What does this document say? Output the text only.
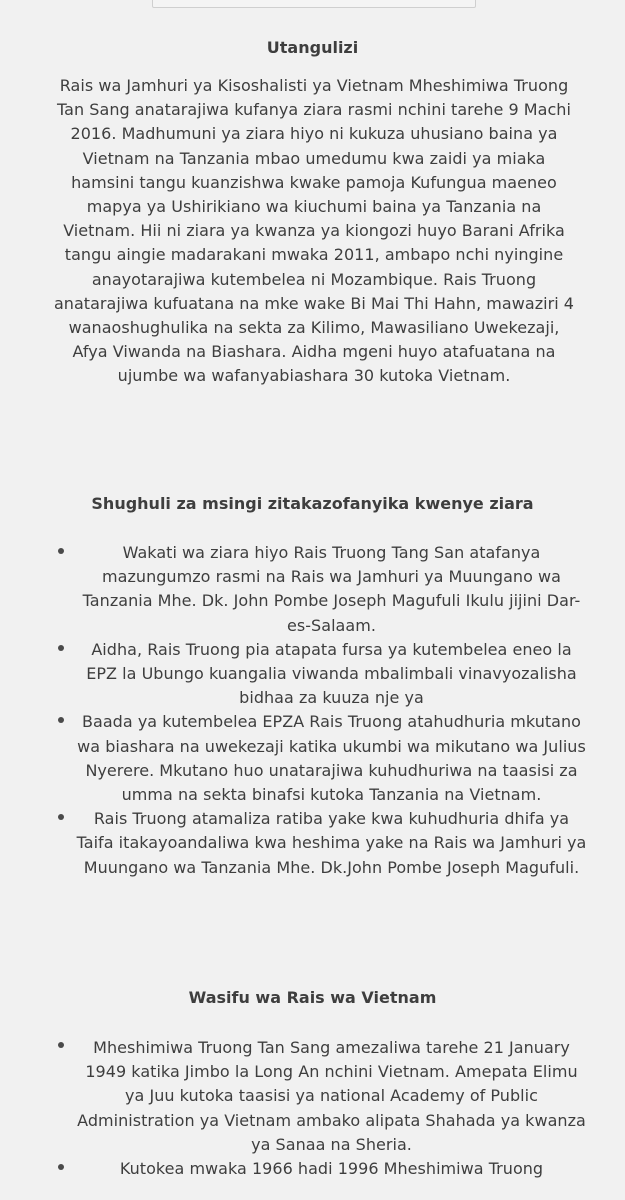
Utangulizi

Rais wa Jamhuri ya Kisoshalisti ya Vietnam Mheshimiwa Truong Tan Sang anatarajiwa kufanya ziara rasmi nchini tarehe 9 Machi 2016. Madhumuni ya ziara hiyo ni kukuza uhusiano baina ya Vietnam na Tanzania mbao umedumu kwa zaidi ya miaka hamsini tangu kuanzishwa kwake pamoja Kufungua maeneo mapya ya Ushirikiano wa kiuchumi baina ya Tanzania na Vietnam. Hii ni ziara ya kwanza ya kiongozi huyo Barani Afrika tangu aingie madarakani mwaka 2011, ambapo nchi nyingine anayotarajiwa kutembelea ni Mozambique. Rais Truong anatarajiwa kufuatana na mke wake Bi Mai Thi Hahn, mawaziri 4 wanaoshughulika na sekta za Kilimo, Mawasiliano Uwekezaji, Afya Viwanda na Biashara. Aidha mgeni huyo atafuatana na ujumbe wa wafanyabiashara 30 kutoka Vietnam.

Shughuli za msingi zitakazofanyika kwenye ziara
Wakati wa ziara hiyo Rais Truong Tang San atafanya mazungumzo rasmi na Rais wa Jamhuri ya Muungano wa Tanzania Mhe. Dk. John Pombe Joseph Magufuli Ikulu jijini Dar-es-Salaam.
Aidha, Rais Truong pia atapata fursa ya kutembelea eneo la EPZ la Ubungo kuangalia viwanda mbalimbali vinavyozalisha bidhaa za kuuza nje ya
Baada ya kutembelea EPZA Rais Truong atahudhuria mkutano wa biashara na uwekezaji katika ukumbi wa mikutano wa Julius Nyerere. Mkutano huo unatarajiwa kuhudhuriwa na taasisi za umma na sekta binafsi kutoka Tanzania na Vietnam.
Rais Truong atamaliza ratiba yake kwa kuhudhuria dhifa ya Taifa itakayoandaliwa kwa heshima yake na Rais wa Jamhuri ya Muungano wa Tanzania Mhe. Dk.John Pombe Joseph Magufuli.
Wasifu wa Rais wa Vietnam
Mheshimiwa Truong Tan Sang amezaliwa tarehe 21 January 1949 katika Jimbo la Long An nchini Vietnam. Amepata Elimu ya Juu kutoka taasisi ya national Academy of Public Administration ya Vietnam ambako alipata Shahada ya kwanza ya Sanaa na Sheria.
Kutokea mwaka 1966 hadi 1996 Mheshimiwa Truong
